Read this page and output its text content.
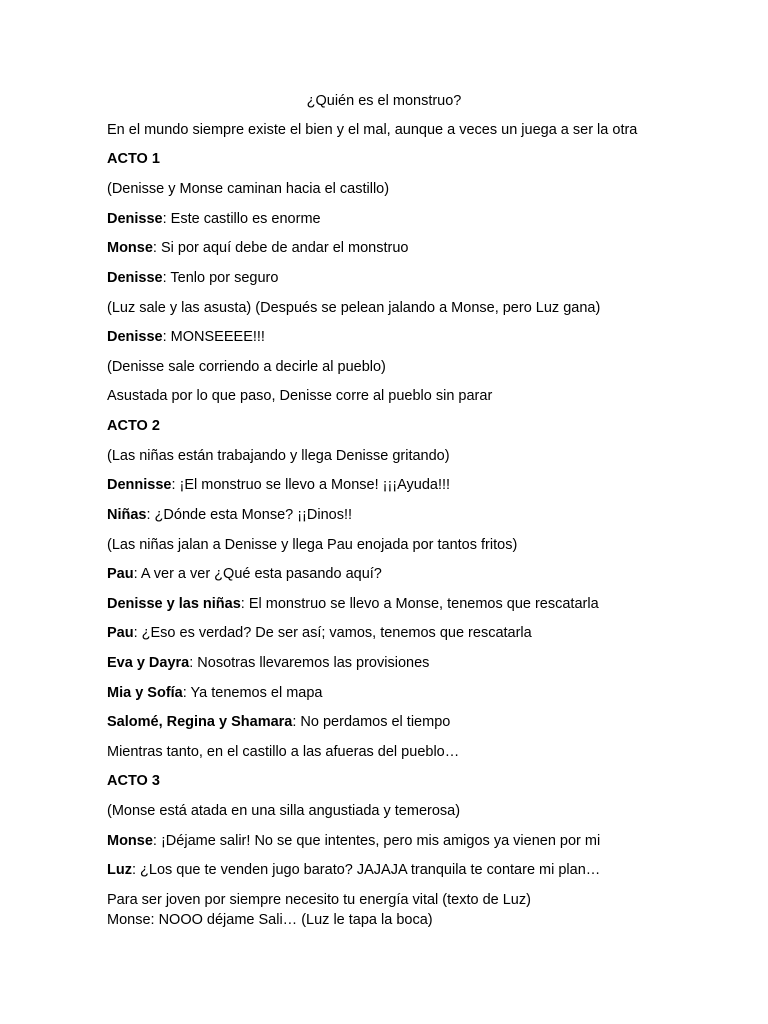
¿Quién es el monstruo?
En el mundo siempre existe el bien y el mal, aunque a veces un juega a ser la otra
ACTO 1
(Denisse y Monse caminan hacia el castillo)
Denisse: Este castillo es enorme
Monse: Si por aquí debe de andar el monstruo
Denisse: Tenlo por seguro
(Luz sale y las asusta) (Después se pelean jalando a Monse, pero Luz gana)
Denisse: MONSEEEE!!!
(Denisse sale corriendo a decirle al pueblo)
Asustada por lo que paso, Denisse corre al pueblo sin parar
ACTO 2
(Las niñas están trabajando y llega Denisse gritando)
Dennisse: ¡El monstruo se llevo a Monse! ¡¡¡Ayuda!!!
Niñas: ¿Dónde esta Monse? ¡¡Dinos!!
(Las niñas jalan a Denisse y llega Pau enojada por tantos fritos)
Pau: A ver a ver ¿Qué esta pasando aquí?
Denisse y las niñas: El monstruo se llevo a Monse, tenemos que rescatarla
Pau: ¿Eso es verdad? De ser así; vamos, tenemos que rescatarla
Eva y Dayra: Nosotras llevaremos las provisiones
Mia y Sofía: Ya tenemos el mapa
Salomé, Regina y Shamara: No perdamos el tiempo
Mientras tanto, en el castillo a las afueras del pueblo…
ACTO 3
(Monse está atada en una silla angustiada y temerosa)
Monse: ¡Déjame salir! No se que intentes, pero mis amigos ya vienen por mi
Luz: ¿Los que te venden jugo barato? JAJAJA tranquila te contare mi plan…
Para ser joven por siempre necesito tu energía vital (texto de Luz)
Monse: NOOO déjame Sali… (Luz le tapa la boca)
